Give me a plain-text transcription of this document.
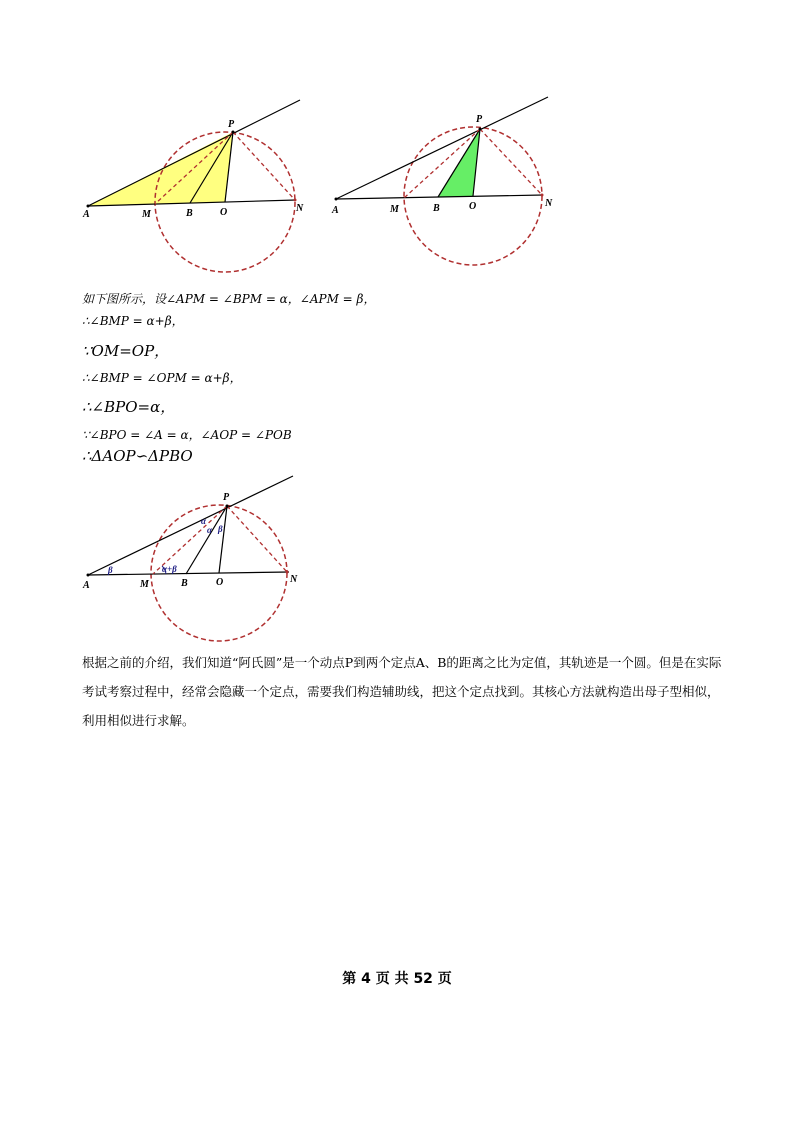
P
A	M	B	O	N
P
A	M	B	O	N
如下图所示，设∠APM = ∠BPM = α，∠APM = β，
∴∠BMP = α+β，
∵OM=OP，
∴∠BMP = ∠OPM = α+β，
∴∠BPO=α，
∵∠BPO = ∠A = α，∠AOP = ∠POB
∴ΔAOP∽ΔPBO
P
A	M	B	O	N
α
α β
β	α+β
根据之前的介绍，我们知道“阿氏圆”是一个动点P到两个定点A、B的距离之比为定值，其轨迹是一个圆。但是在实际考试考察过程中，经常会隐藏一个定点，需要我们构造辅助线，把这个定点找到。其核心方法就构造出母子型相似，利用相似进行求解。
第 4 页 共 52 页
